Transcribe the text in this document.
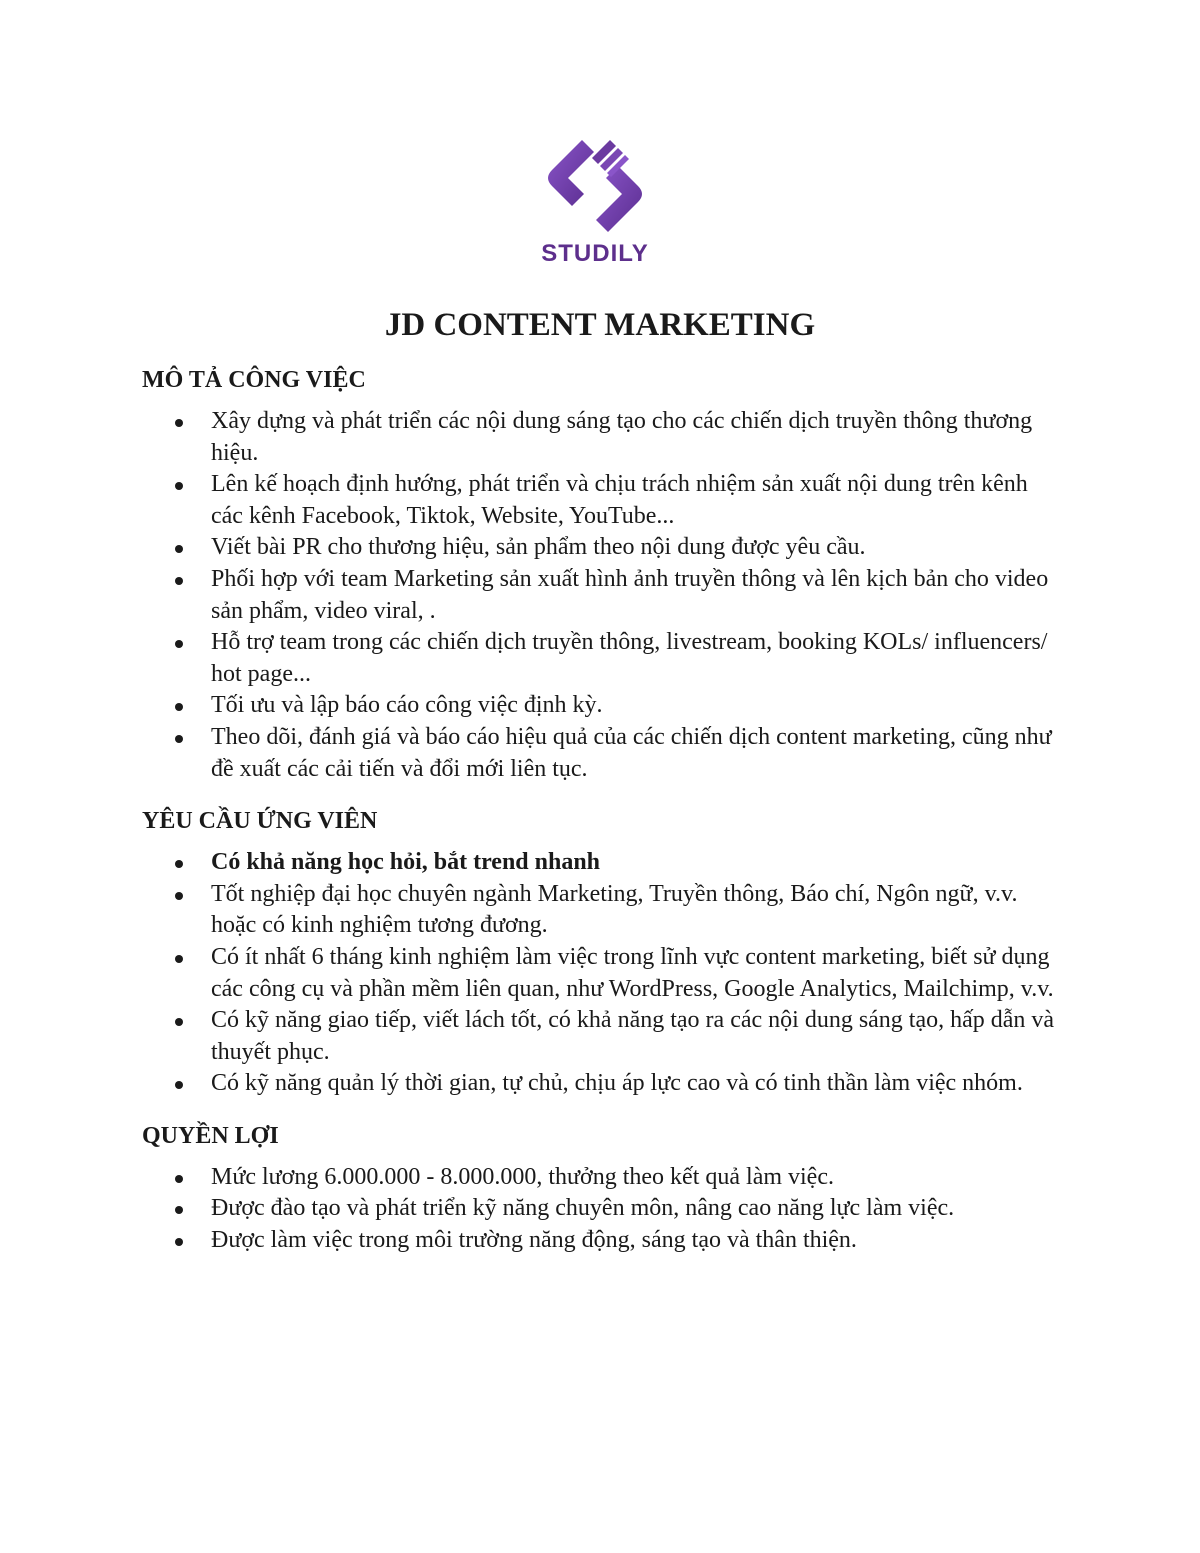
STUDILY
JD CONTENT MARKETING
MÔ TẢ CÔNG VIỆC
Xây dựng và phát triển các nội dung sáng tạo cho các chiến dịch truyền thông thương hiệu.
Lên kế hoạch định hướng, phát triển và chịu trách nhiệm sản xuất nội dung trên kênh các kênh Facebook, Tiktok, Website, YouTube...
Viết bài PR cho thương hiệu, sản phẩm theo nội dung được yêu cầu.
Phối hợp với team Marketing sản xuất hình ảnh truyền thông và lên kịch bản cho video sản phẩm, video viral, .
Hỗ trợ team trong các chiến dịch truyền thông, livestream, booking KOLs/ influencers/ hot page...
Tối ưu và lập báo cáo công việc định kỳ.
Theo dõi, đánh giá và báo cáo hiệu quả của các chiến dịch content marketing, cũng như đề xuất các cải tiến và đổi mới liên tục.
YÊU CẦU ỨNG VIÊN
Có khả năng học hỏi, bắt trend nhanh
Tốt nghiệp đại học chuyên ngành Marketing, Truyền thông, Báo chí, Ngôn ngữ, v.v. hoặc có kinh nghiệm tương đương.
Có ít nhất 6 tháng kinh nghiệm làm việc trong lĩnh vực content marketing, biết sử dụng các công cụ và phần mềm liên quan, như WordPress, Google Analytics, Mailchimp, v.v.
Có kỹ năng giao tiếp, viết lách tốt, có khả năng tạo ra các nội dung sáng tạo, hấp dẫn và thuyết phục.
Có kỹ năng quản lý thời gian, tự chủ, chịu áp lực cao và có tinh thần làm việc nhóm.
QUYỀN LỢI
Mức lương 6.000.000 - 8.000.000, thưởng theo kết quả làm việc.
Được đào tạo và phát triển kỹ năng chuyên môn, nâng cao năng lực làm việc.
Được làm việc trong môi trường năng động, sáng tạo và thân thiện.
